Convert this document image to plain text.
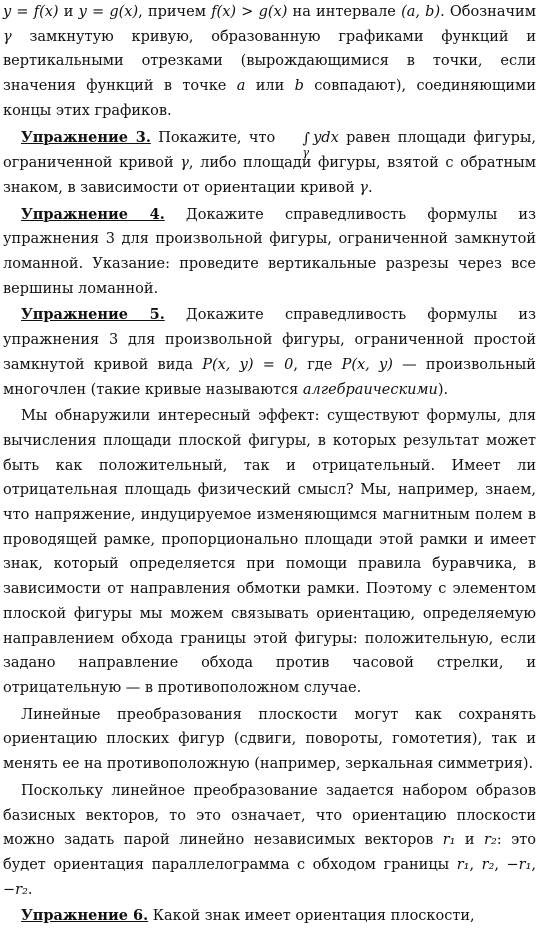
y = f(x) и y = g(x), причем f(x) > g(x) на интервале (a, b). Обозначим γ замкнутую кривую, образованную графиками функций и вертикальными отрезками (вырождающимися в точки, если значения функций в точке a или b совпадают), соединяющими концы этих графиков.

Упражнение 3. Покажите, что ∫
γ
ydx равен площади фигуры, ограниченной кривой γ, либо площади фигуры, взятой с обратным знаком, в зависимости от ориентации кривой γ.

Упражнение 4. Докажите справедливость формулы из упражнения 3 для произвольной фигуры, ограниченной замкнутой ломанной. Указание: проведите вертикальные разрезы через все вершины ломанной.

Упражнение 5. Докажите справедливость формулы из упражнения 3 для произвольной фигуры, ограниченной простой замкнутой кривой вида P(x, y) = 0, где P(x, y) — произвольный многочлен (такие кривые называются алгебраическими).

Мы обнаружили интересный эффект: существуют формулы, для вычисления площади плоской фигуры, в которых результат может быть как положительный, так и отрицательный. Имеет ли отрицательная площадь физический смысл? Мы, например, знаем, что напряжение, индуцируемое изменяющимся магнитным полем в проводящей рамке, пропорционально площади этой рамки и имеет знак, который определяется при помощи правила буравчика, в зависимости от направления обмотки рамки. Поэтому с элементом плоской фигуры мы можем связывать ориентацию, определяемую направлением обхода границы этой фигуры: положительную, если задано направление обхода против часовой стрелки, и отрицательную — в противоположном случае.

Линейные преобразования плоскости могут как сохранять ориентацию плоских фигур (сдвиги, повороты, гомотетия), так и менять ее на противоположную (например, зеркальная симметрия).

Поскольку линейное преобразование задается набором образов базисных векторов, то это означает, что ориентацию плоскости можно задать парой линейно независимых векторов r₁ и r₂: это будет ориентация параллелограмма с обходом границы r₁, r₂, −r₁, −r₂.

Упражнение 6. Какой знак имеет ориентация плоскости,
